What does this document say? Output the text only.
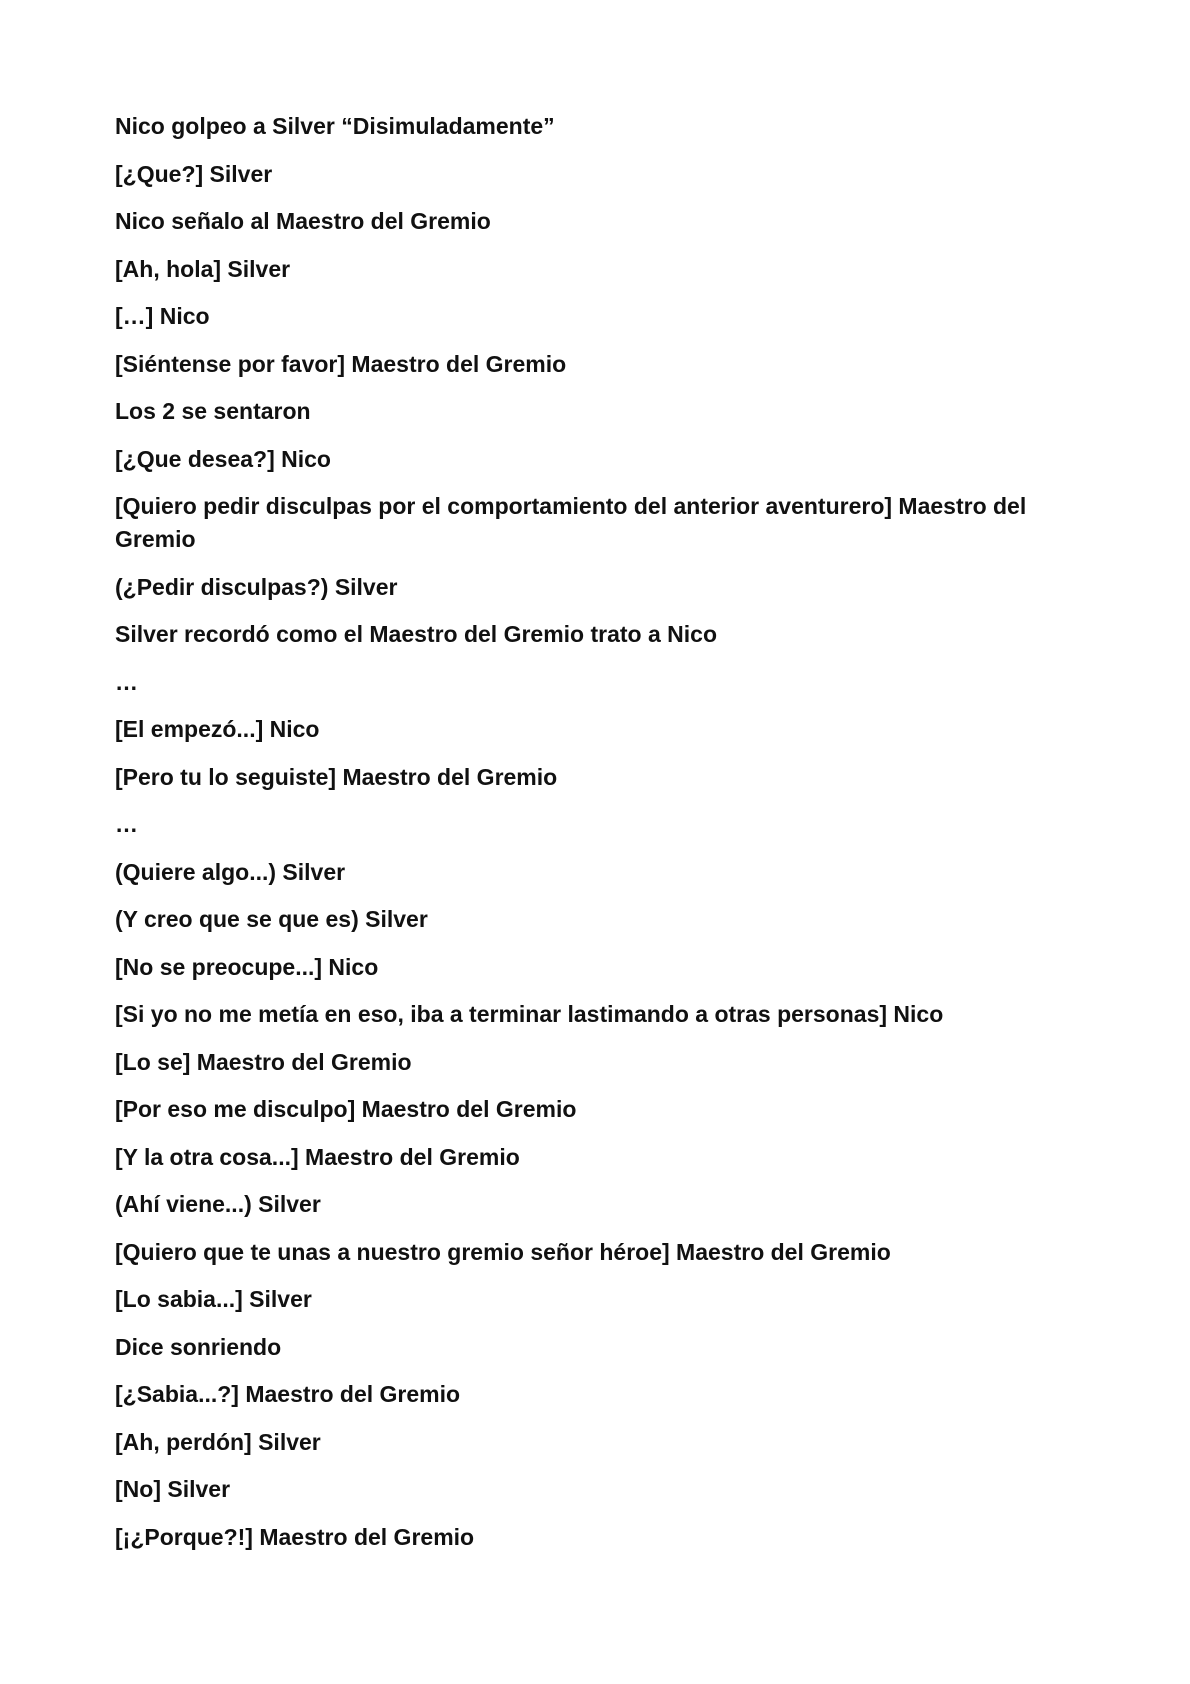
Nico golpeo a Silver “Disimuladamente”

[¿Que?] Silver

Nico señalo al Maestro del Gremio

[Ah, hola] Silver

[…] Nico

[Siéntense por favor] Maestro del Gremio

Los 2 se sentaron

[¿Que desea?] Nico

[Quiero pedir disculpas por el comportamiento del anterior aventurero] Maestro del Gremio

(¿Pedir disculpas?) Silver

Silver recordó como el Maestro del Gremio trato a Nico

…

[El empezó...] Nico

[Pero tu lo seguiste] Maestro del Gremio

…

(Quiere algo...) Silver

(Y creo que se que es) Silver

[No se preocupe...] Nico

[Si yo no me metía en eso, iba a terminar lastimando a otras personas] Nico

[Lo se] Maestro del Gremio

[Por eso me disculpo] Maestro del Gremio

[Y la otra cosa...] Maestro del Gremio

(Ahí viene...) Silver

[Quiero que te unas a nuestro gremio señor héroe] Maestro del Gremio

[Lo sabia...] Silver

Dice sonriendo

[¿Sabia...?] Maestro del Gremio

[Ah, perdón] Silver

[No] Silver

[¡¿Porque?!] Maestro del Gremio
